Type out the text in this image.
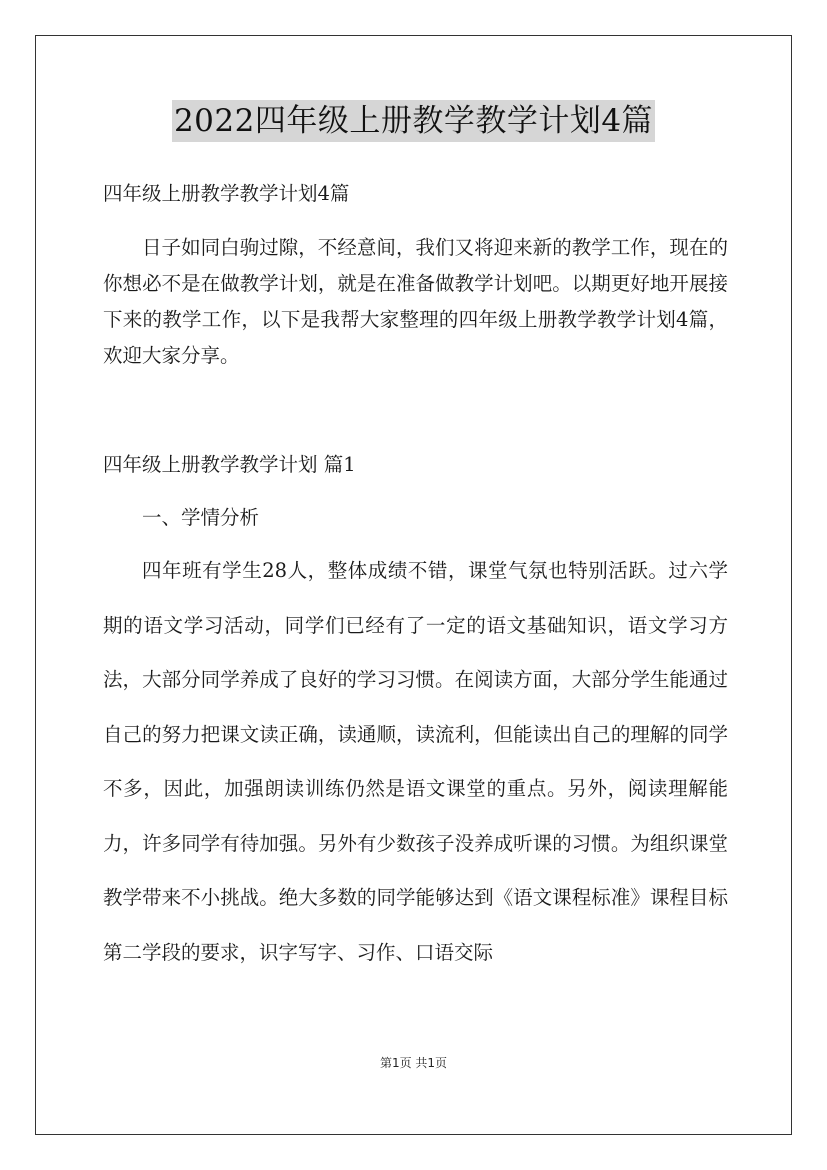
2022四年级上册教学教学计划4篇

四年级上册教学教学计划4篇

日子如同白驹过隙，不经意间，我们又将迎来新的教学工作，现在的你想必不是在做教学计划，就是在准备做教学计划吧。以期更好地开展接下来的教学工作，以下是我帮大家整理的四年级上册教学教学计划4篇，欢迎大家分享。

四年级上册教学教学计划 篇1

一、学情分析

四年班有学生28人，整体成绩不错，课堂气氛也特别活跃。过六学期的语文学习活动，同学们已经有了一定的语文基础知识，语文学习方法，大部分同学养成了良好的学习习惯。在阅读方面，大部分学生能通过自己的努力把课文读正确，读通顺，读流利，但能读出自己的理解的同学不多，因此，加强朗读训练仍然是语文课堂的重点。另外，阅读理解能力，许多同学有待加强。另外有少数孩子没养成听课的习惯。为组织课堂教学带来不小挑战。绝大多数的同学能够达到《语文课程标准》课程目标第二学段的要求，识字写字、习作、口语交际

第1页 共1页
